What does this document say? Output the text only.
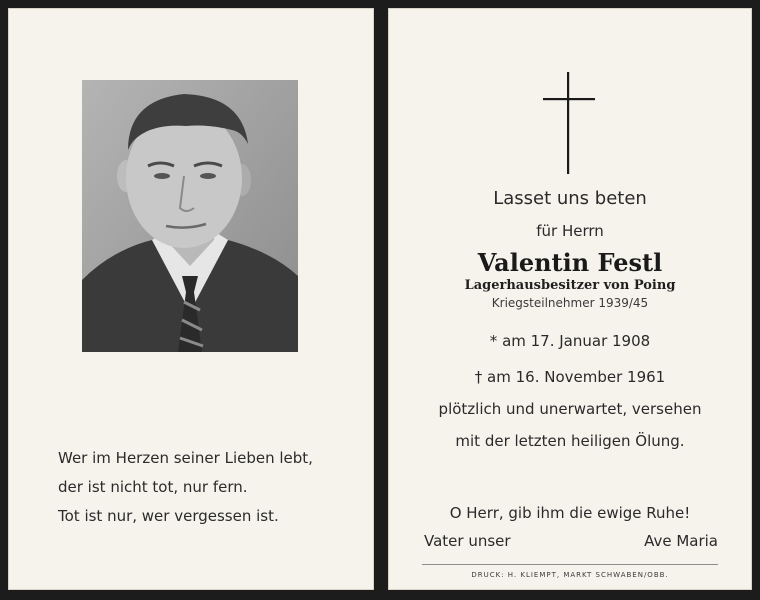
Wer im Herzen seiner Lieben lebt,
der ist nicht tot, nur fern.
Tot ist nur, wer vergessen ist.
Lasset uns beten
für Herrn
Valentin Festl
Lagerhausbesitzer von Poing
Kriegsteilnehmer 1939/45
* am 17. Januar 1908
† am 16. November 1961
plötzlich und unerwartet, versehen
mit der letzten heiligen Ölung.
O Herr, gib ihm die ewige Ruhe!
Vater unser	Ave Maria
DRUCK: H. KLIEMPT, MARKT SCHWABEN/OBB.
